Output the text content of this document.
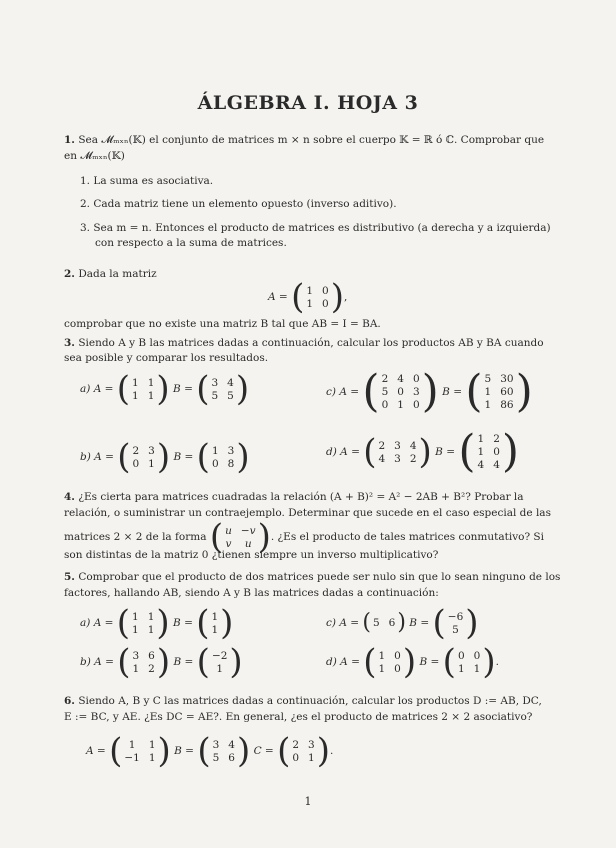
ÁLGEBRA I. HOJA 3
1. Sea 𝓜ₘₓₙ(𝕂) el conjunto de matrices m × n sobre el cuerpo 𝕂 = ℝ ó ℂ. Comprobar que
en 𝓜ₘₓₙ(𝕂)
1. La suma es asociativa.
2. Cada matriz tiene un elemento opuesto (inverso aditivo).
3. Sea m = n. Entonces el producto de matrices es distributivo (a derecha y a izquierda)
con respecto a la suma de matrices.
2. Dada la matriz
A = ( 1 0
1 0 ) ,
comprobar que no existe una matriz B tal que AB = I = BA.
3. Siendo A y B las matrices dadas a continuación, calcular los productos AB y BA cuando
sea posible y comparar los resultados.
a) A = ( 1 1
1 1 ) B = ( 3 4
5 5 )	c) A = ( 2 4 0
5 0 3
0 1 0 ) B = ( 5 30
1 60
1 86 )
b) A = ( 2 3
0 1 ) B = ( 1 3
0 8 )	d) A = ( 2 3 4
4 3 2 ) B = ( 1 2
1 0
4 4 )
4. ¿Es cierta para matrices cuadradas la relación (A + B)² = A² − 2AB + B²? Probar la
relación, o suministrar un contraejemplo. Determinar que sucede en el caso especial de las
matrices 2 × 2 de la forma ( u −v
v	u ) . ¿Es el producto de tales matrices conmutativo? Si
son distintas de la matriz 0 ¿tienen siempre un inverso multiplicativo?
5. Comprobar que el producto de dos matrices puede ser nulo sin que lo sean ninguno de los
factores, hallando AB, siendo A y B las matrices dadas a continuación:
a) A = ( 1 1
1 1 ) B = ( 1
1 )	c) A = ( 5 6 ) B = ( −6
5 )
b) A = ( 3 6
1 2 ) B = ( −2
1 )	d) A = ( 1 0
1 0 ) B = ( 0 0
1 1 ) .
6. Siendo A, B y C las matrices dadas a continuación, calcular los productos D := AB, DC,
E := BC, y AE. ¿Es DC = AE?. En general, ¿es el producto de matrices 2 × 2 asociativo?
A = ( 1	1
−1 1 ) B = ( 3 4
5 6 ) C = ( 2 3
0 1 ) .
1
